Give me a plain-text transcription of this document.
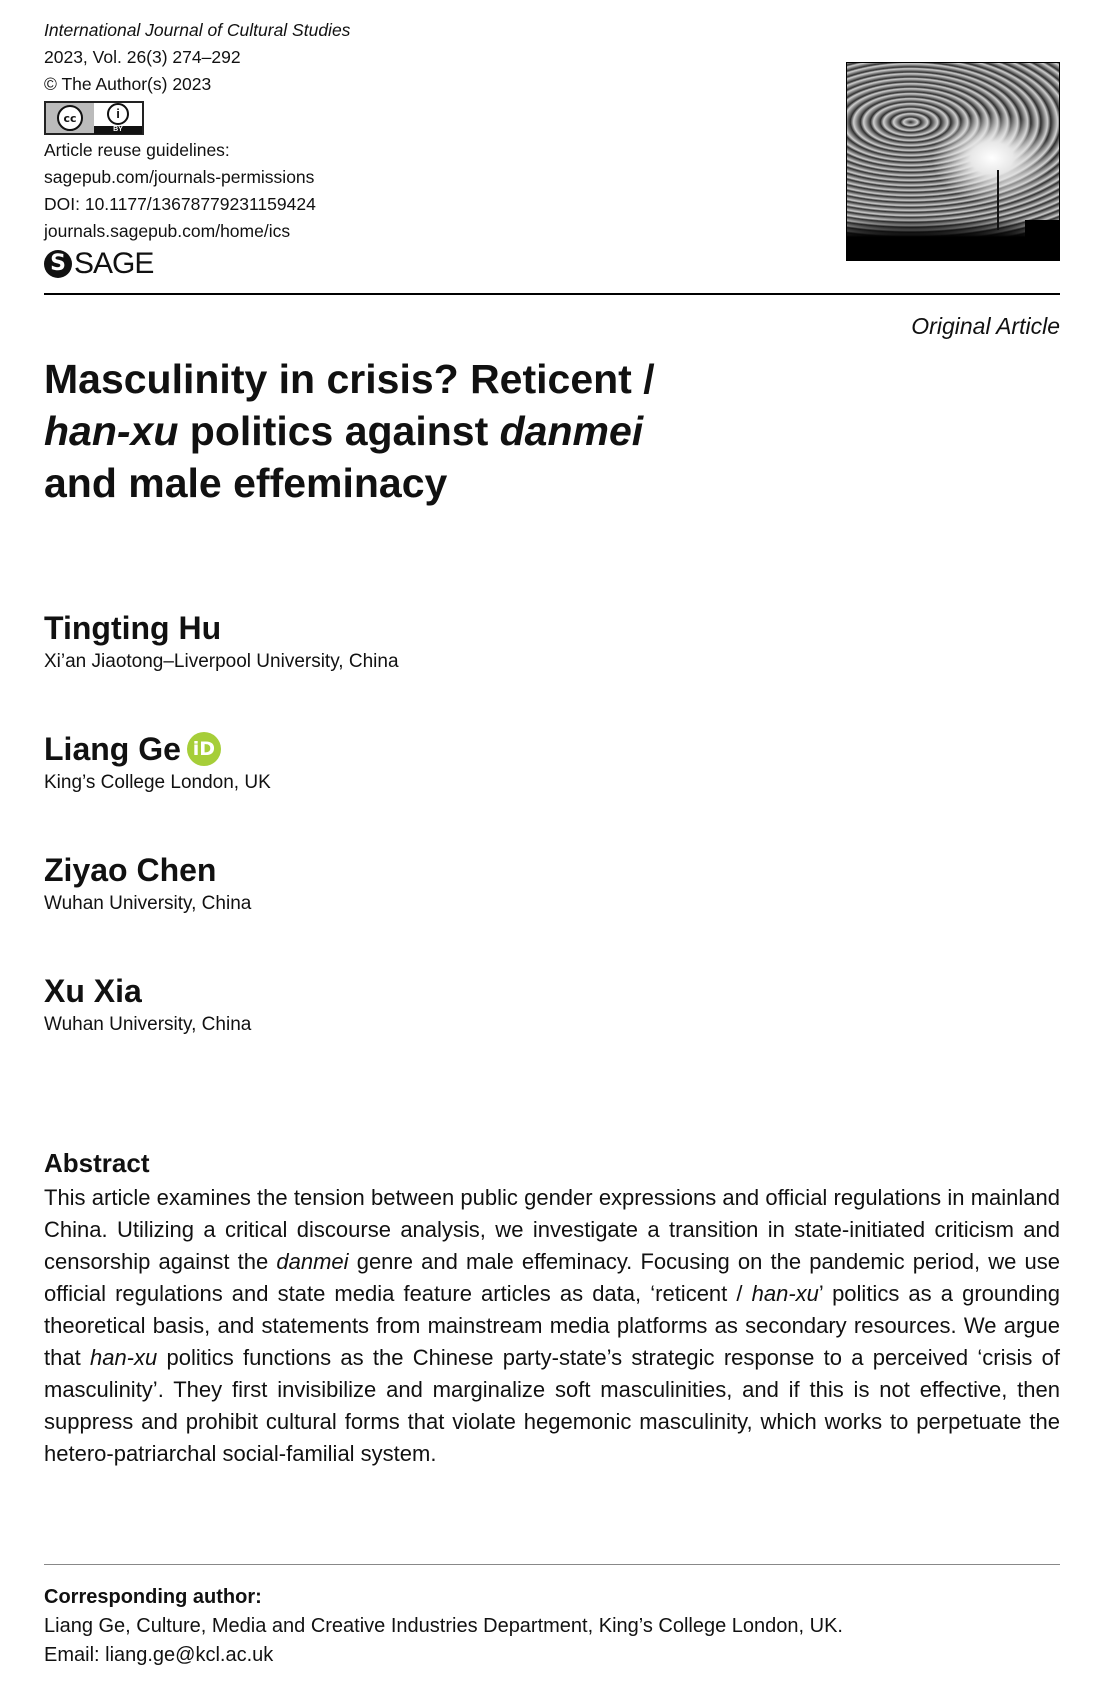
International Journal of Cultural Studies
2023, Vol. 26(3) 274–292
© The Author(s) 2023
cc	i
BY
Article reuse guidelines:
sagepub.com/journals-permissions
DOI: 10.1177/13678779231159424
journals.sagepub.com/home/ics
S SAGE
Original Article
Masculinity in crisis? Reticent /
han-xu politics against danmei
and male effeminacy
Tingting Hu
Xi’an Jiaotong–Liverpool University, China
Liang Ge iD
King’s College London, UK
Ziyao Chen
Wuhan University, China
Xu Xia
Wuhan University, China
Abstract

This article examines the tension between public gender expressions and official regulations in mainland China. Utilizing a critical discourse analysis, we investigate a transition in state-initiated criticism and censorship against the danmei genre and male effeminacy. Focusing on the pandemic period, we use official regulations and state media feature articles as data, ‘reticent / han-xu’ politics as a grounding theoretical basis, and statements from mainstream media platforms as secondary resources. We argue that han-xu politics functions as the Chinese party-state’s strategic response to a perceived ‘crisis of masculinity’. They first invisibilize and marginalize soft masculinities, and if this is not effective, then suppress and prohibit cultural forms that violate hegemonic masculinity, which works to perpetuate the hetero-patriarchal social-familial system.

Corresponding author:
Liang Ge, Culture, Media and Creative Industries Department, King’s College London, UK.
Email: liang.ge@kcl.ac.uk
